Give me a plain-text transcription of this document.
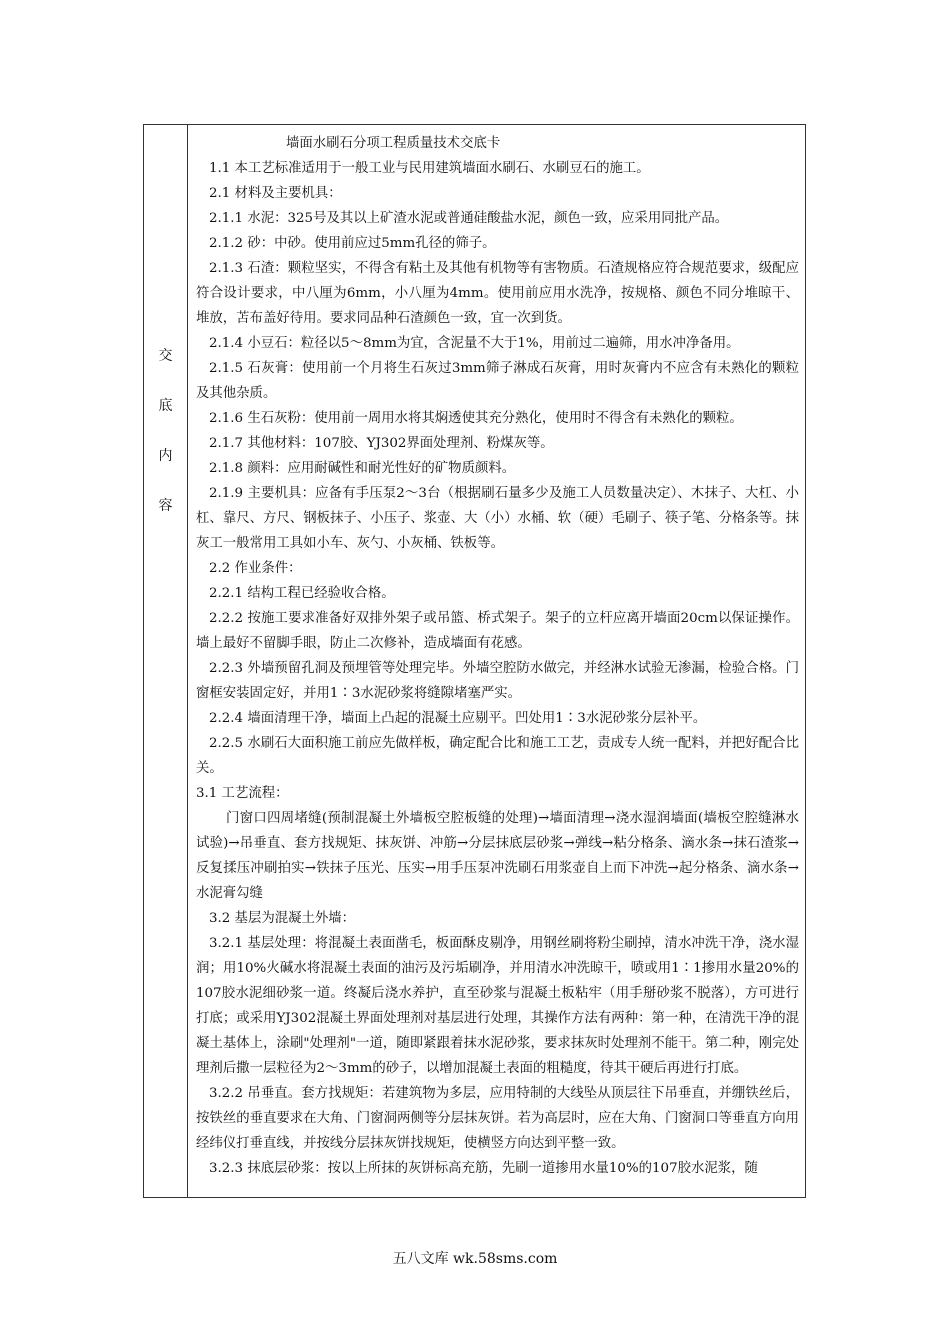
交
底
内
容

墙面水刷石分项工程质量技术交底卡

1.1 本工艺标准适用于一般工业与民用建筑墙面水刷石、水刷豆石的施工。

2.1 材料及主要机具：

2.1.1 水泥：325号及其以上矿渣水泥或普通硅酸盐水泥，颜色一致，应采用同批产品。

2.1.2 砂：中砂。使用前应过5mm孔径的筛子。

2.1.3 石渣：颗粒坚实，不得含有粘土及其他有机物等有害物质。石渣规格应符合规范要求，级配应符合设计要求，中八厘为6mm，小八厘为4mm。使用前应用水洗净，按规格、颜色不同分堆晾干、堆放，苫布盖好待用。要求同品种石渣颜色一致，宜一次到货。

2.1.4 小豆石：粒径以5～8mm为宜，含泥量不大于1%，用前过二遍筛，用水冲净备用。

2.1.5 石灰膏：使用前一个月将生石灰过3mm筛子淋成石灰膏，用时灰膏内不应含有未熟化的颗粒及其他杂质。

2.1.6 生石灰粉：使用前一周用水将其焖透使其充分熟化，使用时不得含有未熟化的颗粒。

2.1.7 其他材料：107胶、YJ302界面处理剂、粉煤灰等。

2.1.8 颜料：应用耐碱性和耐光性好的矿物质颜料。

2.1.9 主要机具：应备有手压泵2～3台（根据刷石量多少及施工人员数量决定）、木抹子、大杠、小杠、靠尺、方尺、钢板抹子、小压子、浆壶、大（小）水桶、软（硬）毛刷子、筷子笔、分格条等。抹灰工一般常用工具如小车、灰勺、小灰桶、铁板等。

2.2 作业条件：

2.2.1 结构工程已经验收合格。

2.2.2 按施工要求准备好双排外架子或吊篮、桥式架子。架子的立杆应离开墙面20cm以保证操作。墙上最好不留脚手眼，防止二次修补，造成墙面有花感。

2.2.3 外墙预留孔洞及预埋管等处理完毕。外墙空腔防水做完，并经淋水试验无渗漏，检验合格。门窗框安装固定好，并用1∶3水泥砂浆将缝隙堵塞严实。

2.2.4 墙面清理干净，墙面上凸起的混凝土应剔平。凹处用1∶3水泥砂浆分层补平。

2.2.5 水刷石大面积施工前应先做样板，确定配合比和施工工艺，责成专人统一配料，并把好配合比关。

3.1 工艺流程：

门窗口四周堵缝(预制混凝土外墙板空腔板缝的处理)→墙面清理→浇水湿润墙面(墙板空腔缝淋水试验)→吊垂直、套方找规矩、抹灰饼、冲筋→分层抹底层砂浆→弹线→粘分格条、滴水条→抹石渣浆→反复揉压冲刷拍实→铁抹子压光、压实→用手压泵冲洗刷石用浆壶自上而下冲洗→起分格条、滴水条→水泥膏勾缝

3.2 基层为混凝土外墙：

3.2.1 基层处理：将混凝土表面凿毛，板面酥皮剔净，用钢丝刷将粉尘刷掉，清水冲洗干净，浇水湿润；用10%火碱水将混凝土表面的油污及污垢刷净，并用清水冲洗晾干，喷或用1∶1掺用水量20%的107胶水泥细砂浆一道。终凝后浇水养护，直至砂浆与混凝土板粘牢（用手掰砂浆不脱落），方可进行打底；或采用YJ302混凝土界面处理剂对基层进行处理，其操作方法有两种：第一种，在清洗干净的混凝土基体上，涂刷"处理剂"一道，随即紧跟着抹水泥砂浆，要求抹灰时处理剂不能干。第二种，刚完处理剂后撒一层粒径为2～3mm的砂子，以增加混凝土表面的粗糙度，待其干硬后再进行打底。

3.2.2 吊垂直。套方找规矩：若建筑物为多层，应用特制的大线坠从顶层往下吊垂直，并绷铁丝后，按铁丝的垂直要求在大角、门窗洞两侧等分层抹灰饼。若为高层时，应在大角、门窗洞口等垂直方向用经纬仪打垂直线，并按线分层抹灰饼找规矩，使横竖方向达到平整一致。

3.2.3 抹底层砂浆：按以上所抹的灰饼标高充筋，先刷一道掺用水量10%的107胶水泥浆，随

五八文库 wk.58sms.com
